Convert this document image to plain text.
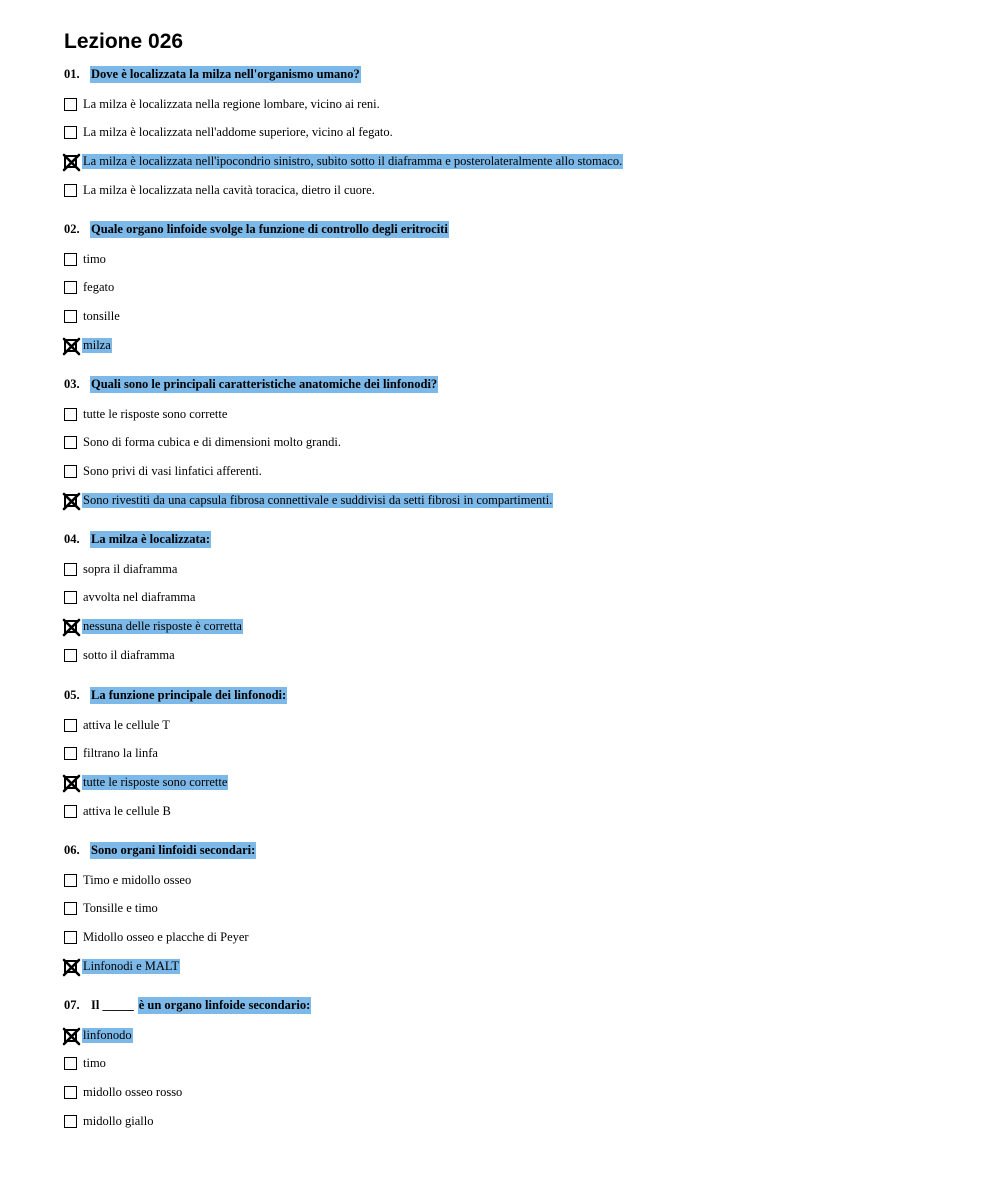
Lezione 026
01. Dove è localizzata la milza nell'organismo umano?
La milza è localizzata nella regione lombare, vicino ai reni.
La milza è localizzata nell'addome superiore, vicino al fegato.
La milza è localizzata nell'ipocondrio sinistro, subito sotto il diaframma e posterolateralmente allo stomaco.
La milza è localizzata nella cavità toracica, dietro il cuore.
02. Quale organo linfoide svolge la funzione di controllo degli eritrociti
timo
fegato
tonsille
milza
03. Quali sono le principali caratteristiche anatomiche dei linfonodi?
tutte le risposte sono corrette
Sono di forma cubica e di dimensioni molto grandi.
Sono privi di vasi linfatici afferenti.
Sono rivestiti da una capsula fibrosa connettivale e suddivisi da setti fibrosi in compartimenti.
04. La milza è localizzata:
sopra il diaframma
avvolta nel diaframma
nessuna delle risposte è corretta
sotto il diaframma
05. La funzione principale dei linfonodi:
attiva le cellule T
filtrano la linfa
tutte le risposte sono corrette
attiva le cellule B
06. Sono organi linfoidi secondari:
Timo e midollo osseo
Tonsille e timo
Midollo osseo e placche di Peyer
Linfonodi e MALT
07. Il _____ è un organo linfoide secondario:
linfonodo
timo
midollo osseo rosso
midollo giallo
